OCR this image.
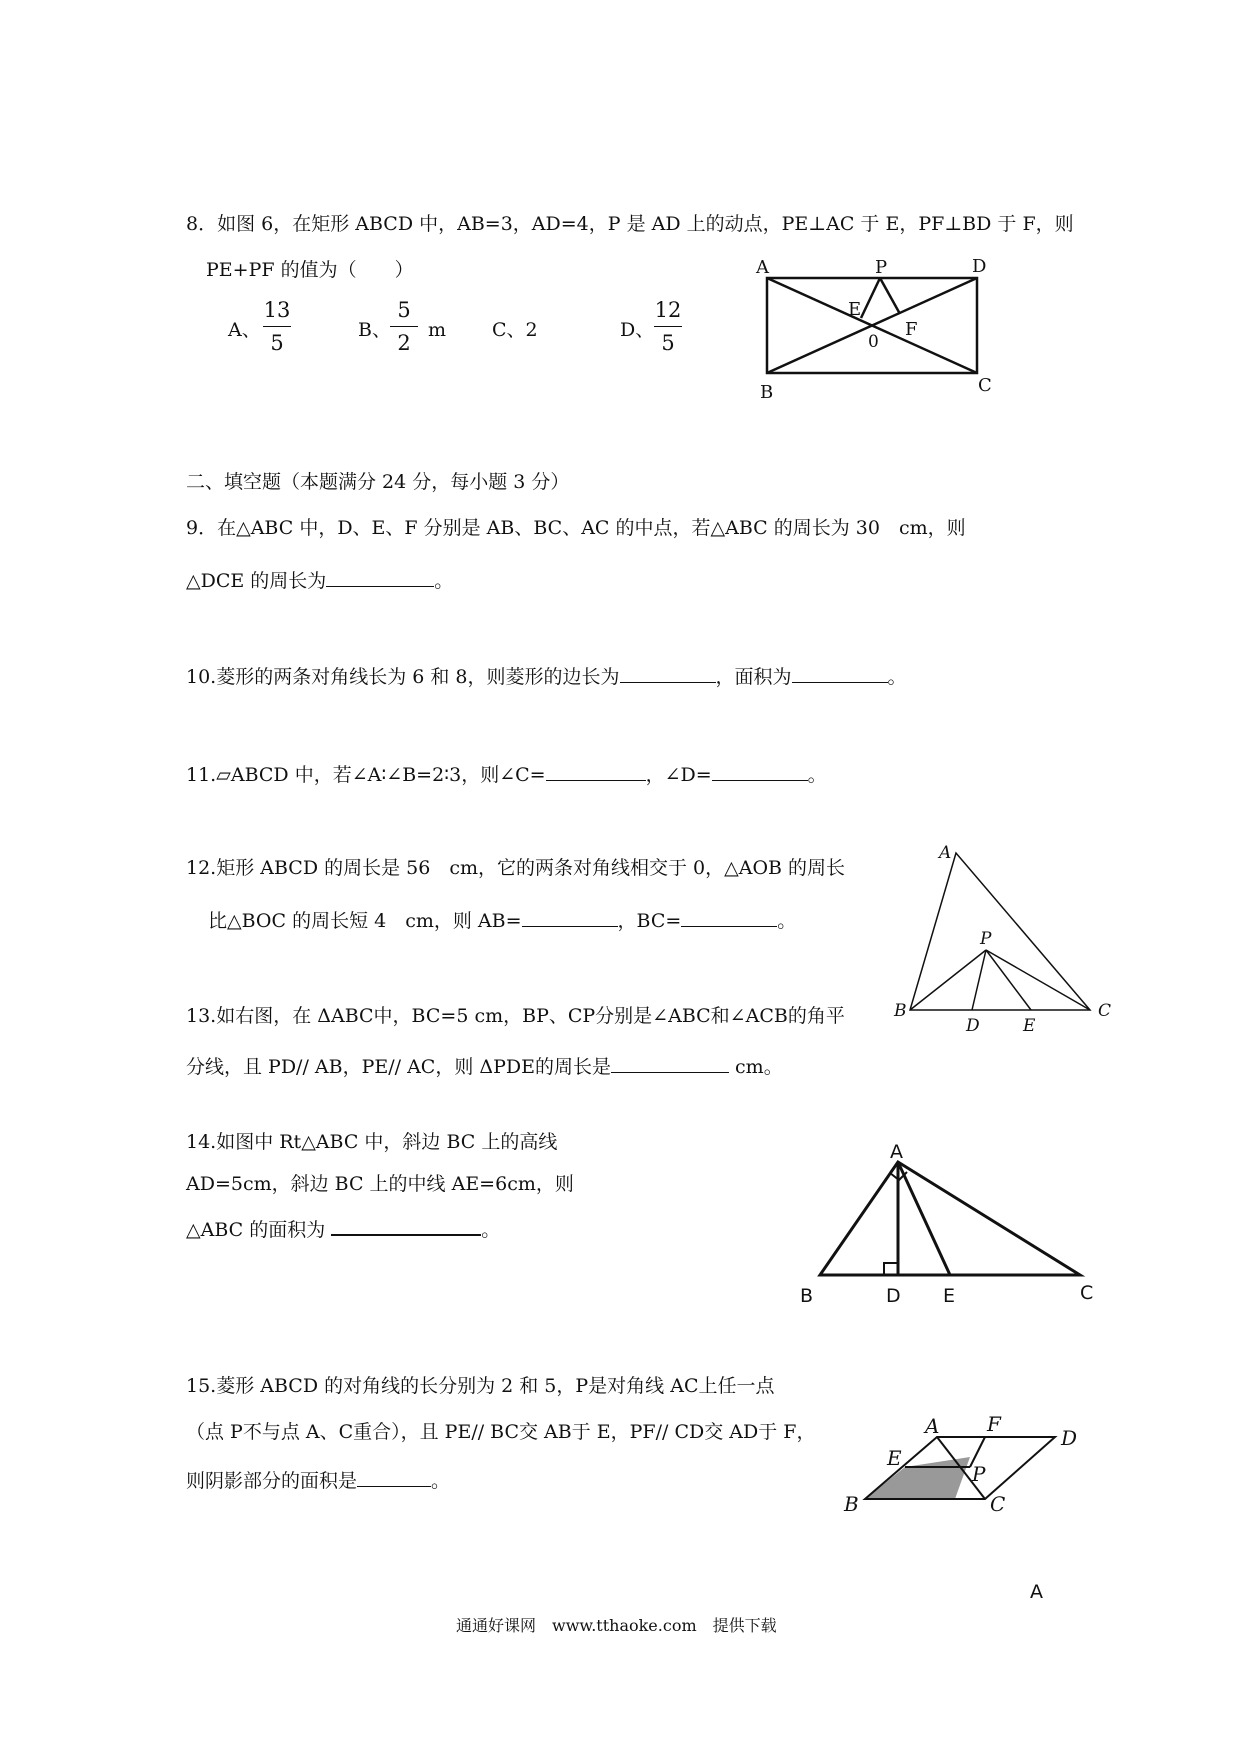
8．如图 6，在矩形 ABCD 中，AB=3，AD=4，P 是 AD 上的动点，PE⊥AC 于 E，PF⊥BD 于 F，则
PE+PF 的值为（　　）
A、
13
5
B、
5
2
m C、2	D、
12
5
A	P	D
E
0
F
B	C
二、填空题（本题满分 24 分，每小题 3 分）
9．在△ABC 中，D、E、F 分别是 AB、BC、AC 的中点，若△ABC 的周长为 30　cm，则
△DCE 的周长为	。
10.菱形的两条对角线长为 6 和 8，则菱形的边长为	，面积为	。
11.▱ABCD 中，若∠A∶∠B=2∶3，则∠C=	，∠D=	。
12.矩形 ABCD 的周长是 56　cm，它的两条对角线相交于 0，△AOB 的周长
比△BOC 的周长短 4　cm，则 AB=	，BC=	。
A
P
B
D	E
C
13.如右图，在 ΔABC中，BC=5 cm，BP、CP分别是∠ABC和∠ACB的角平
分线，且 PD// AB，PE// AC，则 ΔPDE的周长是	cm。
14.如图中 Rt△ABC 中，斜边 BC 上的高线
AD=5cm，斜边 BC 上的中线 AE=6cm，则
△ABC 的面积为	。
A
B	D E	C
15.菱形 ABCD 的对角线的长分别为 2 和 5，P是对角线 AC上任一点
（点 P不与点 A、C重合），且 PE// BC交 AB于 E，PF// CD交 AD于 F，
则阴影部分的面积是	。
A F
D
E
P
B	C
A
通通好课网　www.tthaoke.com　提供下载
